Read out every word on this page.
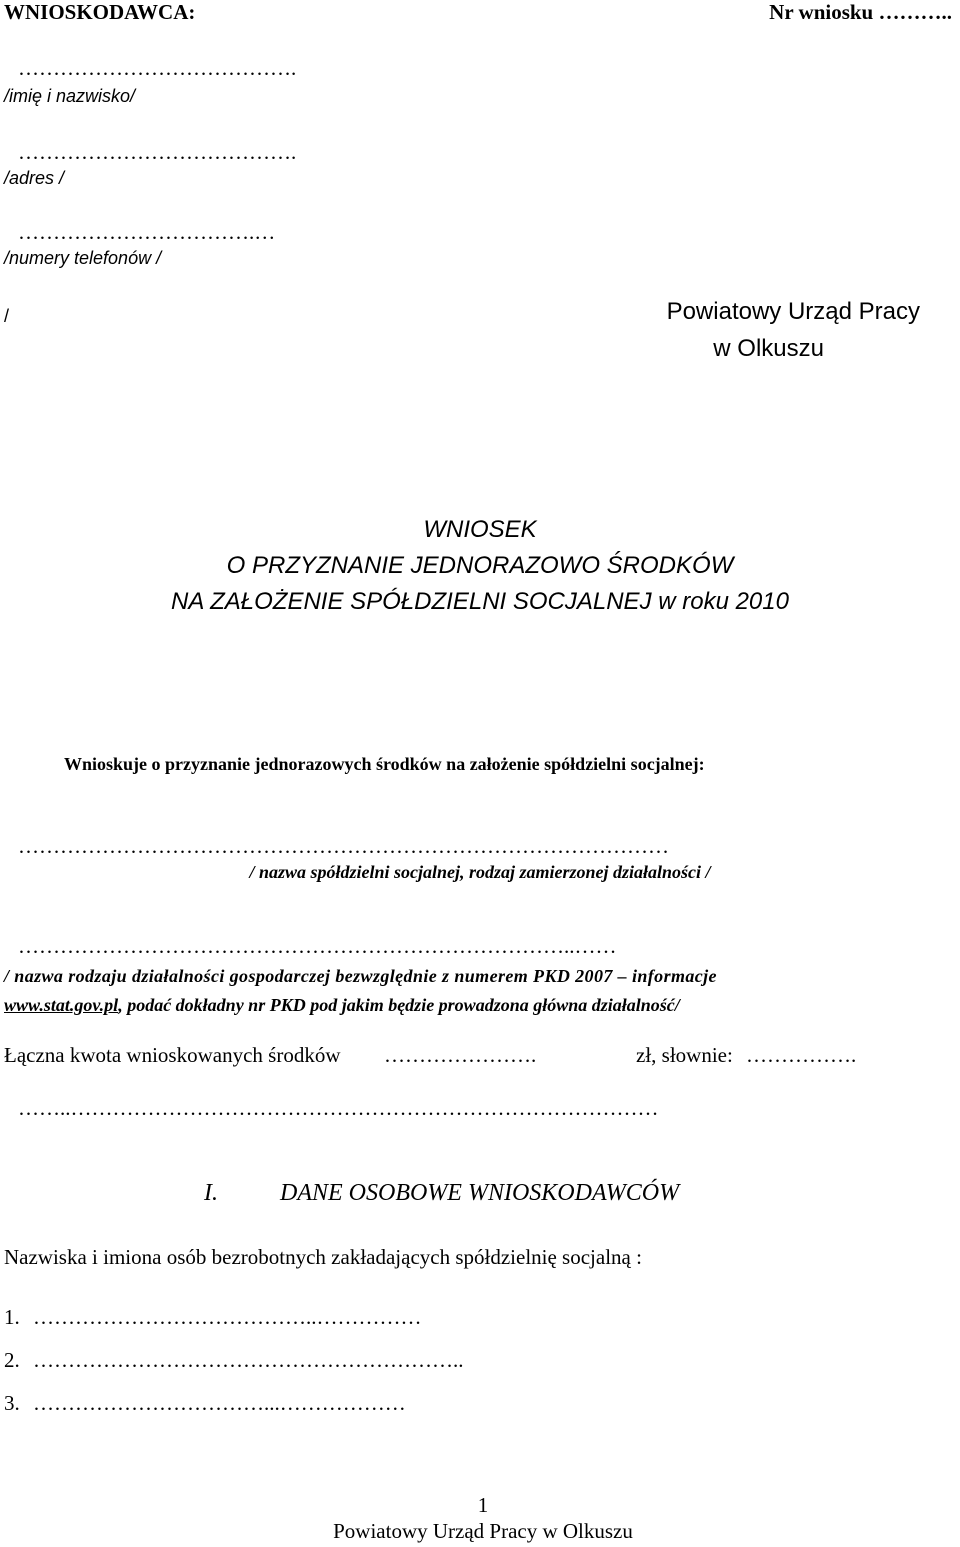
WNIOSKODAWCA:	Nr wniosku ………..
………………………………….
/imię i nazwisko/
………………………………….
/adres /
…………………………….…
/numery telefonów /
/	Powiatowy Urząd Pracy
w Olkuszu
WNIOSEK
O PRZYZNANIE JEDNORAZOWO ŚRODKÓW
NA ZAŁOŻENIE SPÓŁDZIELNI SOCJALNEJ w roku 2010
Wnioskuje o przyznanie jednorazowych środków na założenie spółdzielni socjalnej:
…………………………………………………………………………………
/ nazwa spółdzielni socjalnej, rodzaj zamierzonej działalności /
……………………………………………………………………..……
/ nazwa rodzaju działalności gospodarczej bezwzględnie z numerem PKD 2007 – informacje
www.stat.gov.pl, podać dokładny nr PKD pod jakim będzie prowadzona główna działalność/
Łączna kwota wnioskowanych środków ………………….	zł, słownie: …………….
……..…………………………………………………………………………
I.	DANE OSOBOWE WNIOSKODAWCÓW
Nazwiska i imiona osób bezrobotnych zakładających spółdzielnię socjalną :
1. …………………………………..……………
2. ……………………………………………………..
3. ……………………………...………………
1
Powiatowy Urząd Pracy w Olkuszu
